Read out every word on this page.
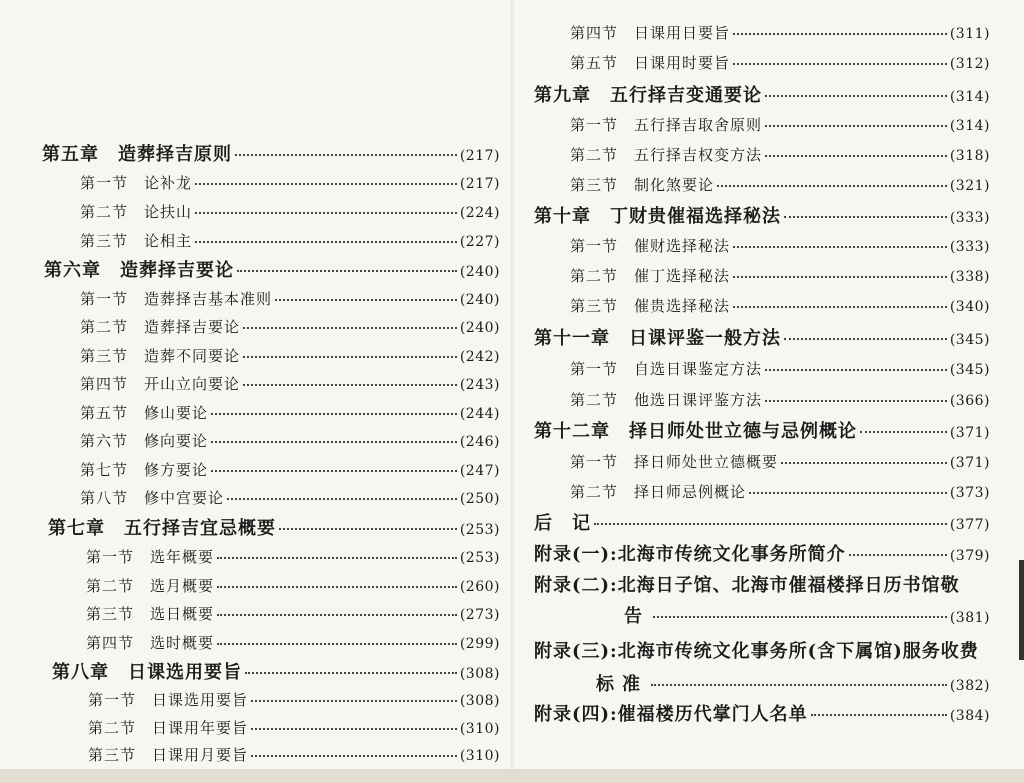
第五章　造葬择吉原则	(217)
第一节　论补龙	(217)
第二节　论扶山	(224)
第三节　论相主	(227)
第六章　造葬择吉要论	(240)
第一节　造葬择吉基本准则	(240)
第二节　造葬择吉要论	(240)
第三节　造葬不同要论	(242)
第四节　开山立向要论	(243)
第五节　修山要论	(244)
第六节　修向要论	(246)
第七节　修方要论	(247)
第八节　修中宫要论	(250)
第七章　五行择吉宜忌概要	(253)
第一节　选年概要	(253)
第二节　选月概要	(260)
第三节　选日概要	(273)
第四节　选时概要	(299)
第八章　日课选用要旨	(308)
第一节　日课选用要旨	(308)
第二节　日课用年要旨	(310)
第三节　日课用月要旨	(310)
第四节　日课用日要旨	(311)
第五节　日课用时要旨	(312)
第九章　五行择吉变通要论	(314)
第一节　五行择吉取舍原则	(314)
第二节　五行择吉权变方法	(318)
第三节　制化煞要论	(321)
第十章　丁财贵催福选择秘法	(333)
第一节　催财选择秘法	(333)
第二节　催丁选择秘法	(338)
第三节　催贵选择秘法	(340)
第十一章　日课评鉴一般方法	(345)
第一节　自选日课鉴定方法	(345)
第二节　他选日课评鉴方法	(366)
第十二章　择日师处世立德与忌例概论	(371)
第一节　择日师处世立德概要	(371)
第二节　择日师忌例概论	(373)
后　记	(377)
附录(一):北海市传统文化事务所简介	(379)
附录(二):北海日子馆、北海市催福楼择日历书馆敬
告	(381)
附录(三):北海市传统文化事务所(含下属馆)服务收费
标准	(382)
附录(四):催福楼历代掌门人名单	(384)
